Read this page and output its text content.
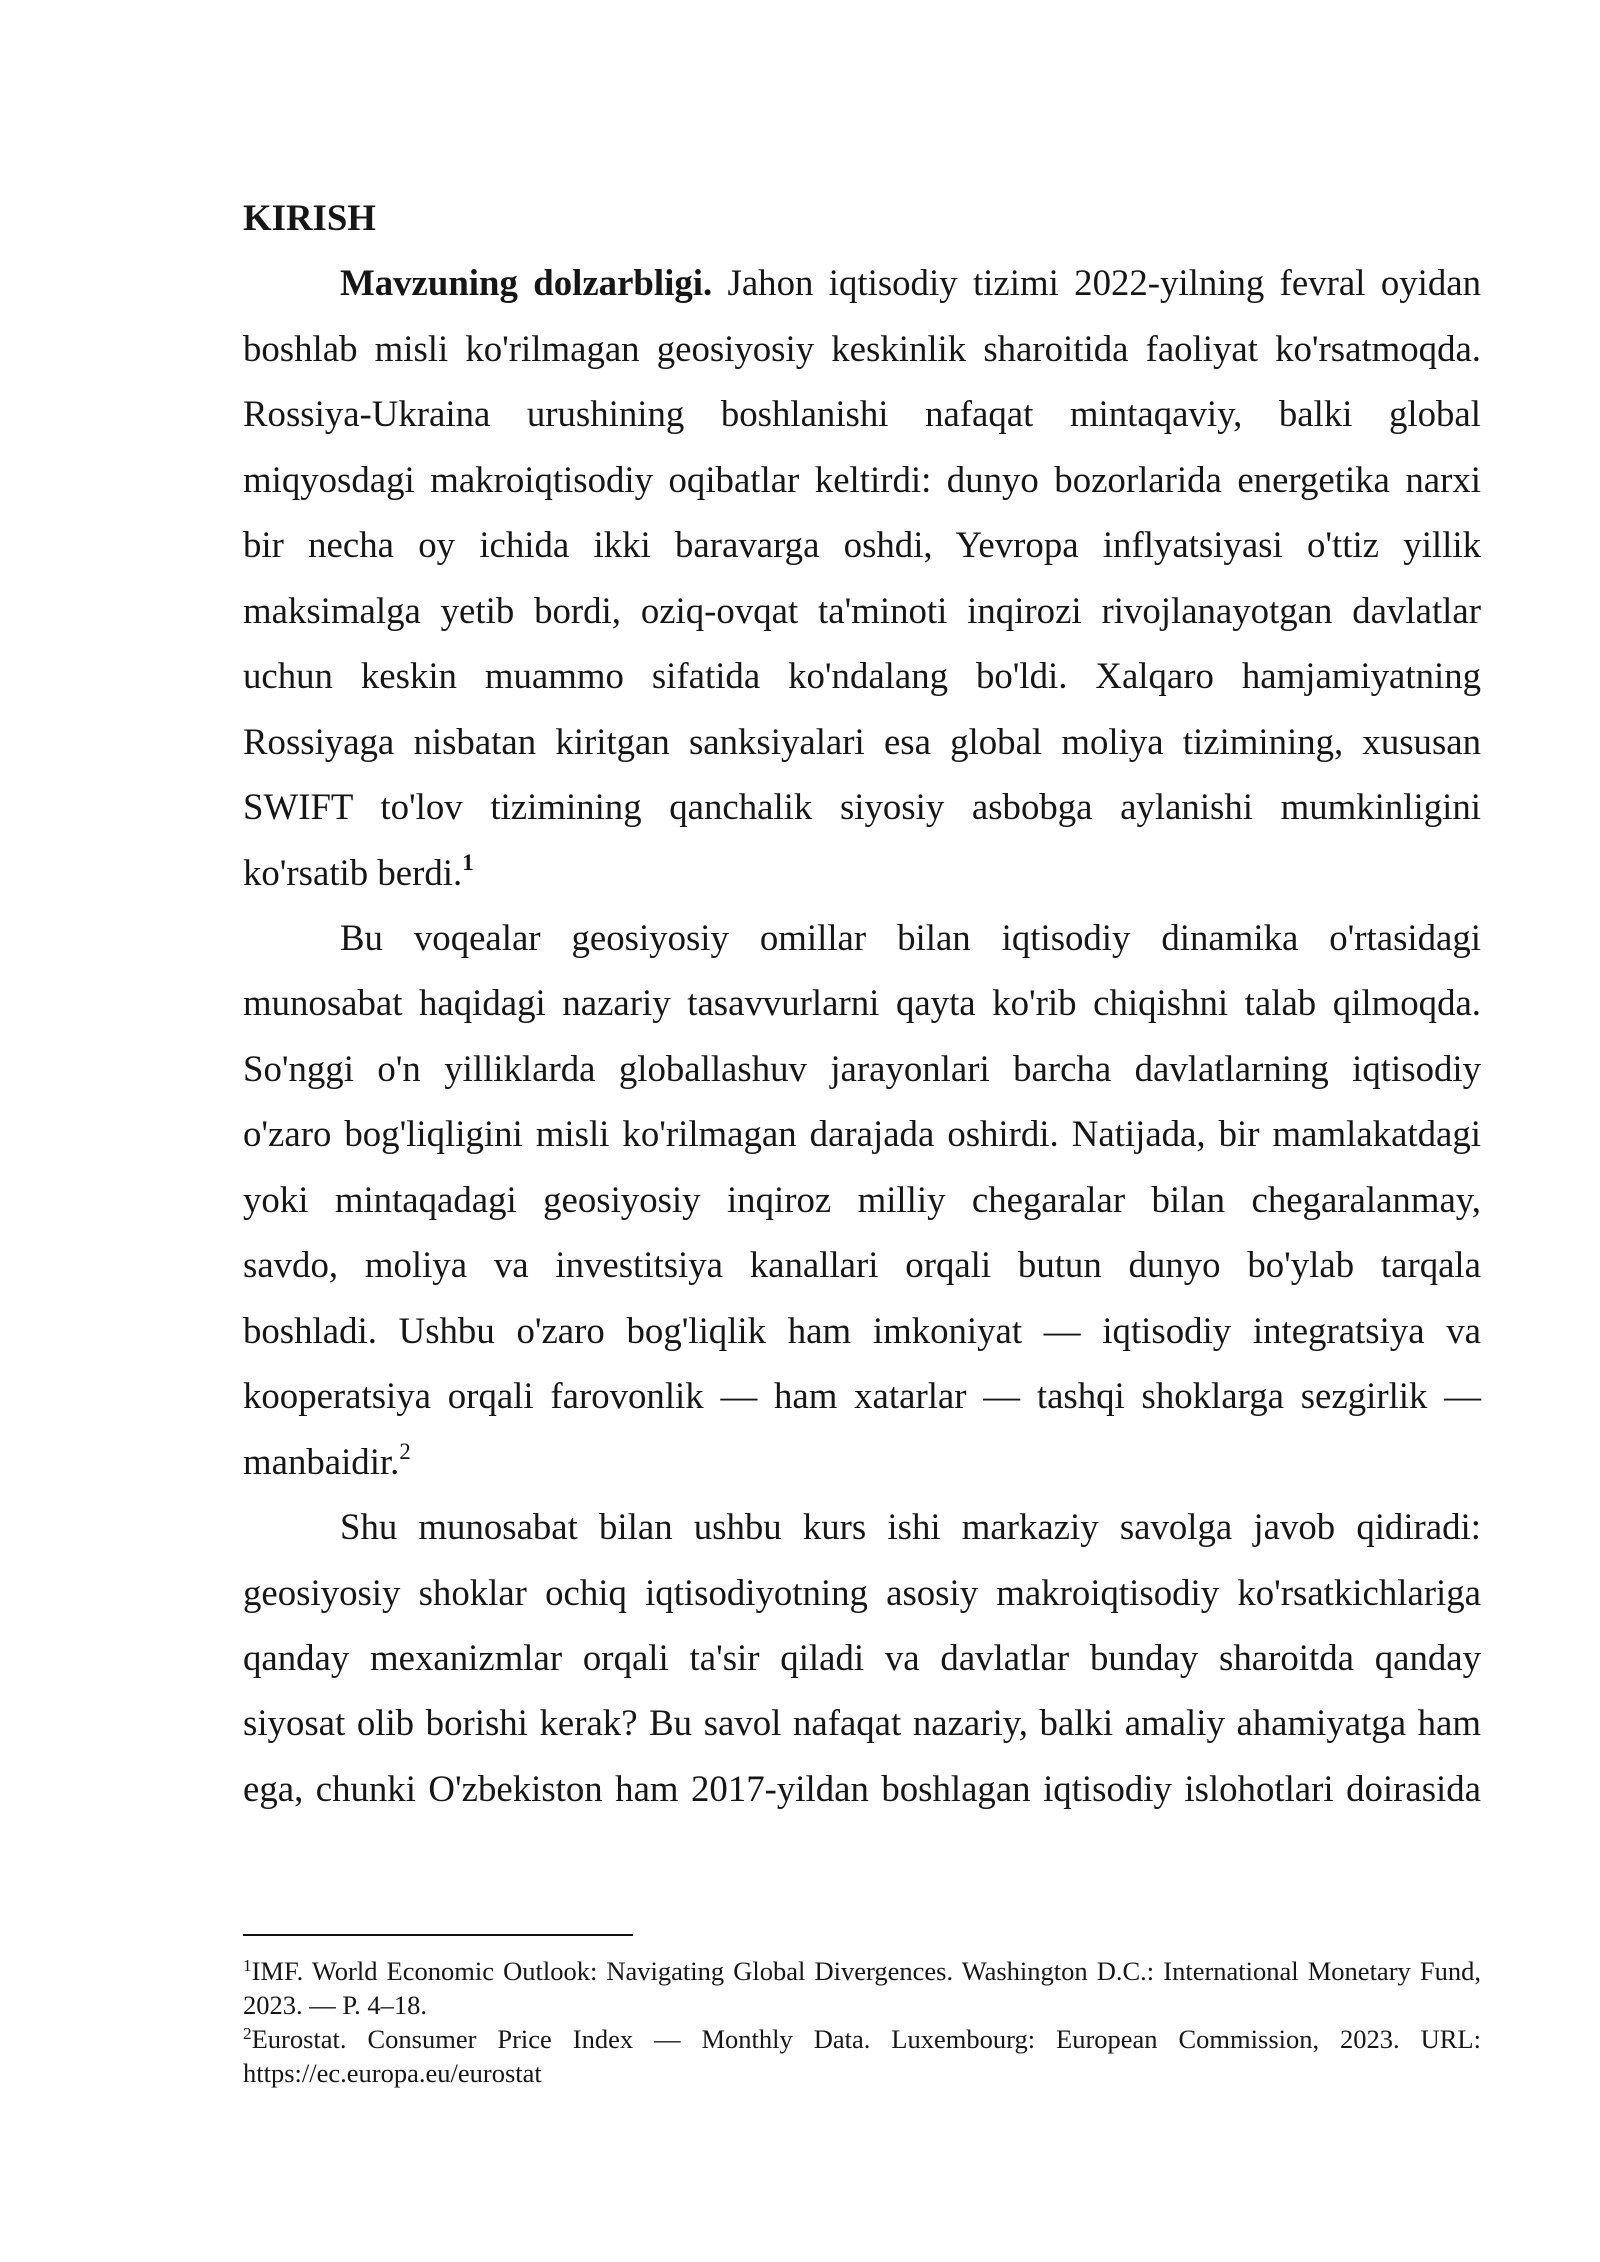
KIRISH
Mavzuning dolzarbligi. Jahon iqtisodiy tizimi 2022-yilning fevral oyidan
boshlab misli ko'rilmagan geosiyosiy keskinlik sharoitida faoliyat ko'rsatmoqda.
Rossiya-Ukraina urushining boshlanishi nafaqat mintaqaviy, balki global
miqyosdagi makroiqtisodiy oqibatlar keltirdi: dunyo bozorlarida energetika narxi
bir necha oy ichida ikki baravarga oshdi, Yevropa inflyatsiyasi o'ttiz yillik
maksimalga yetib bordi, oziq-ovqat ta'minoti inqirozi rivojlanayotgan davlatlar
uchun keskin muammo sifatida ko'ndalang bo'ldi. Xalqaro hamjamiyatning
Rossiyaga nisbatan kiritgan sanksiyalari esa global moliya tizimining, xususan
SWIFT to'lov tizimining qanchalik siyosiy asbobga aylanishi mumkinligini
ko'rsatib berdi.$^1$
Bu voqealar geosiyosiy omillar bilan iqtisodiy dinamika o'rtasidagi
munosabat haqidagi nazariy tasavvurlarni qayta ko'rib chiqishni talab qilmoqda.
So'nggi o'n yilliklarda globallashuv jarayonlari barcha davlatlarning iqtisodiy
o'zaro bog'liqligini misli ko'rilmagan darajada oshirdi. Natijada, bir mamlakatdagi
yoki mintaqadagi geosiyosiy inqiroz milliy chegaralar bilan chegaralanmay,
savdo, moliya va investitsiya kanallari orqali butun dunyo bo'ylab tarqala
boshladi. Ushbu o'zaro bog'liqlik ham imkoniyat — iqtisodiy integratsiya va
kooperatsiya orqali farovonlik — ham xatarlar — tashqi shoklarga sezgirlik —
manbaidir.$^2$
Shu munosabat bilan ushbu kurs ishi markaziy savolga javob qidiradi:
geosiyosiy shoklar ochiq iqtisodiyotning asosiy makroiqtisodiy ko'rsatkichlariga
qanday mexanizmlar orqali ta'sir qiladi va davlatlar bunday sharoitda qanday
siyosat olib borishi kerak? Bu savol nafaqat nazariy, balki amaliy ahamiyatga ham
ega, chunki O'zbekiston ham 2017-yildan boshlagan iqtisodiy islohotlari doirasida
$^1$IMF. World Economic Outlook: Navigating Global Divergences. Washington D.C.: International Monetary Fund,
2023. — P. 4–18.
$^2$Eurostat. Consumer Price Index — Monthly Data. Luxembourg: European Commission, 2023. URL:
https://ec.europa.eu/eurostat
